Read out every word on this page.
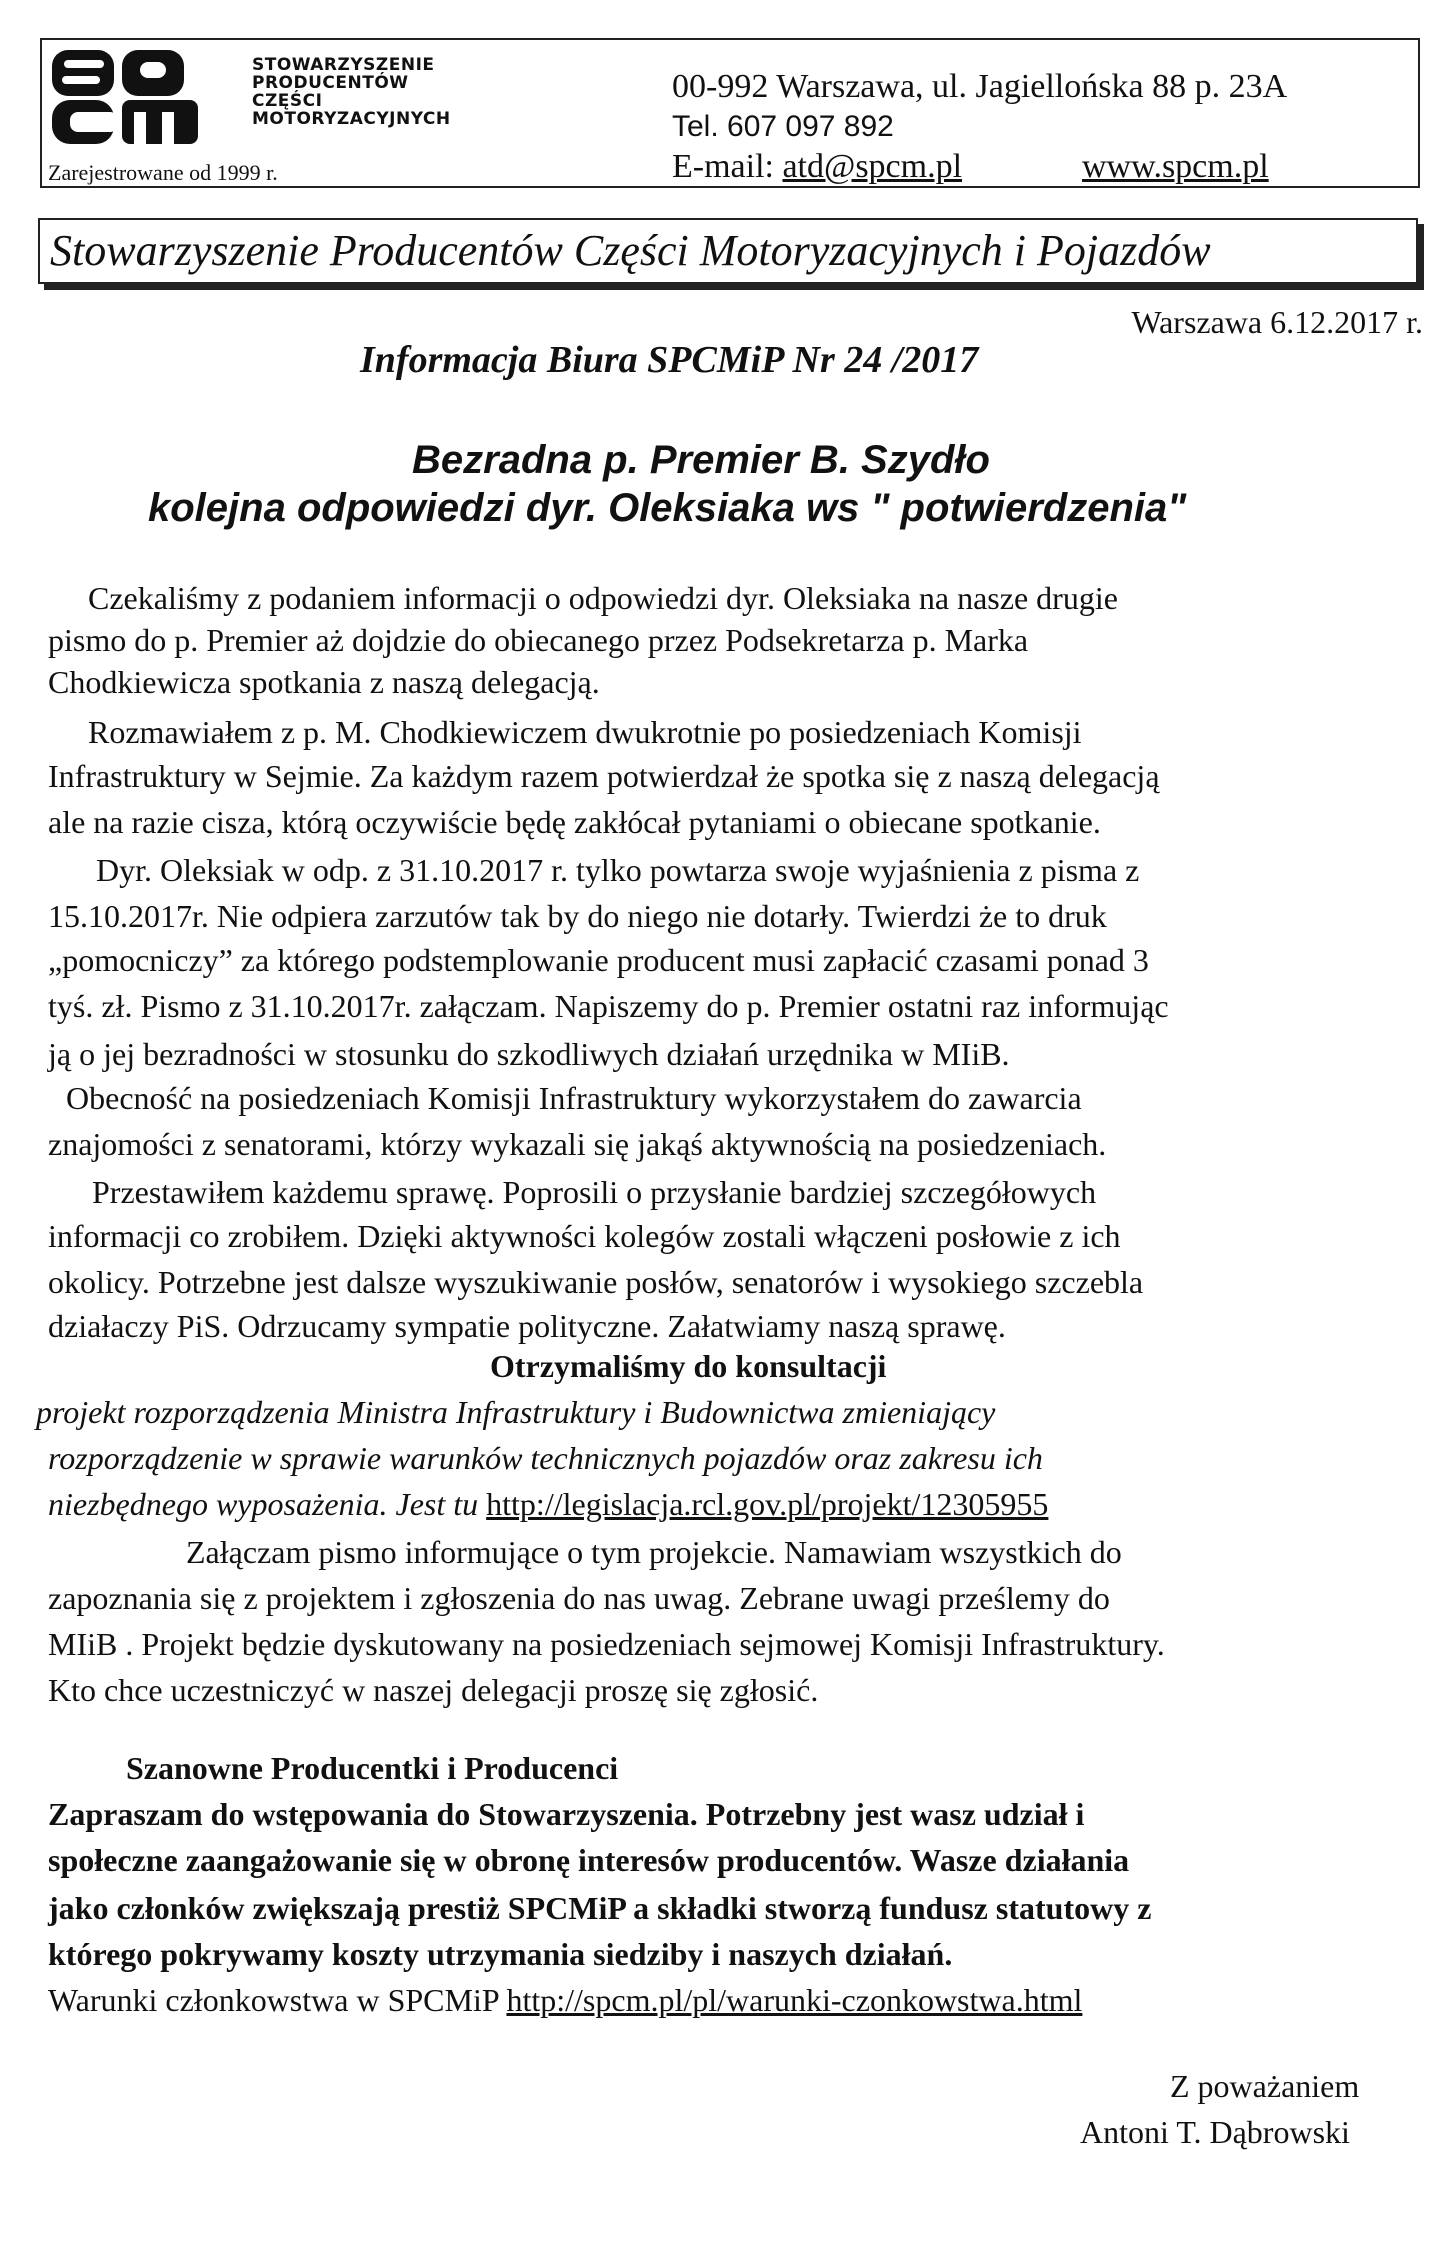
STOWARZYSZENIE
PRODUCENTÓW
CZĘŚCI
MOTORYZACYJNYCH
Zarejestrowane od 1999 r.
00-992 Warszawa, ul. Jagiellońska 88 p. 23A
Tel. 607 097 892
E-mail: atd@spcm.pl	www.spcm.pl
Stowarzyszenie Producentów Części Motoryzacyjnych i Pojazdów
Warszawa 6.12.2017 r.
Informacja Biura SPCMiP Nr 24 /2017
Bezradna p. Premier B. Szydło
kolejna odpowiedzi dyr. Oleksiaka ws " potwierdzenia"
Czekaliśmy z podaniem informacji o odpowiedzi dyr. Oleksiaka na nasze drugie
pismo do p. Premier aż dojdzie do obiecanego przez Podsekretarza p. Marka
Chodkiewicza spotkania z naszą delegacją.
Rozmawiałem z p. M. Chodkiewiczem dwukrotnie po posiedzeniach Komisji
Infrastruktury w Sejmie. Za każdym razem potwierdzał że spotka się z naszą delegacją
ale na razie cisza, którą oczywiście będę zakłócał pytaniami o obiecane spotkanie.
Dyr. Oleksiak w odp. z 31.10.2017 r. tylko powtarza swoje wyjaśnienia z pisma z
15.10.2017r. Nie odpiera zarzutów tak by do niego nie dotarły. Twierdzi że to druk
„pomocniczy” za którego podstemplowanie producent musi zapłacić czasami ponad 3
tyś. zł. Pismo z 31.10.2017r. załączam. Napiszemy do p. Premier ostatni raz informując
ją o jej bezradności w stosunku do szkodliwych działań urzędnika w MIiB.
Obecność na posiedzeniach Komisji Infrastruktury wykorzystałem do zawarcia
znajomości z senatorami, którzy wykazali się jakąś aktywnością na posiedzeniach.
Przestawiłem każdemu sprawę. Poprosili o przysłanie bardziej szczegółowych
informacji co zrobiłem. Dzięki aktywności kolegów zostali włączeni posłowie z ich
okolicy. Potrzebne jest dalsze wyszukiwanie posłów, senatorów i wysokiego szczebla
działaczy PiS. Odrzucamy sympatie polityczne. Załatwiamy naszą sprawę.
Otrzymaliśmy do konsultacji
projekt rozporządzenia Ministra Infrastruktury i Budownictwa zmieniający
rozporządzenie w sprawie warunków technicznych pojazdów oraz zakresu ich
niezbędnego wyposażenia. Jest tu http://legislacja.rcl.gov.pl/projekt/12305955
Załączam pismo informujące o tym projekcie. Namawiam wszystkich do
zapoznania się z projektem i zgłoszenia do nas uwag. Zebrane uwagi prześlemy do
MIiB . Projekt będzie dyskutowany na posiedzeniach sejmowej Komisji Infrastruktury.
Kto chce uczestniczyć w naszej delegacji proszę się zgłosić.
Szanowne Producentki i Producenci
Zapraszam do wstępowania do Stowarzyszenia. Potrzebny jest wasz udział i
społeczne zaangażowanie się w obronę interesów producentów. Wasze działania
jako członków zwiększają prestiż SPCMiP a składki stworzą fundusz statutowy z
którego pokrywamy koszty utrzymania siedziby i naszych działań.
Warunki członkowstwa w SPCMiP http://spcm.pl/pl/warunki-czonkowstwa.html
Z poważaniem
Antoni T. Dąbrowski
